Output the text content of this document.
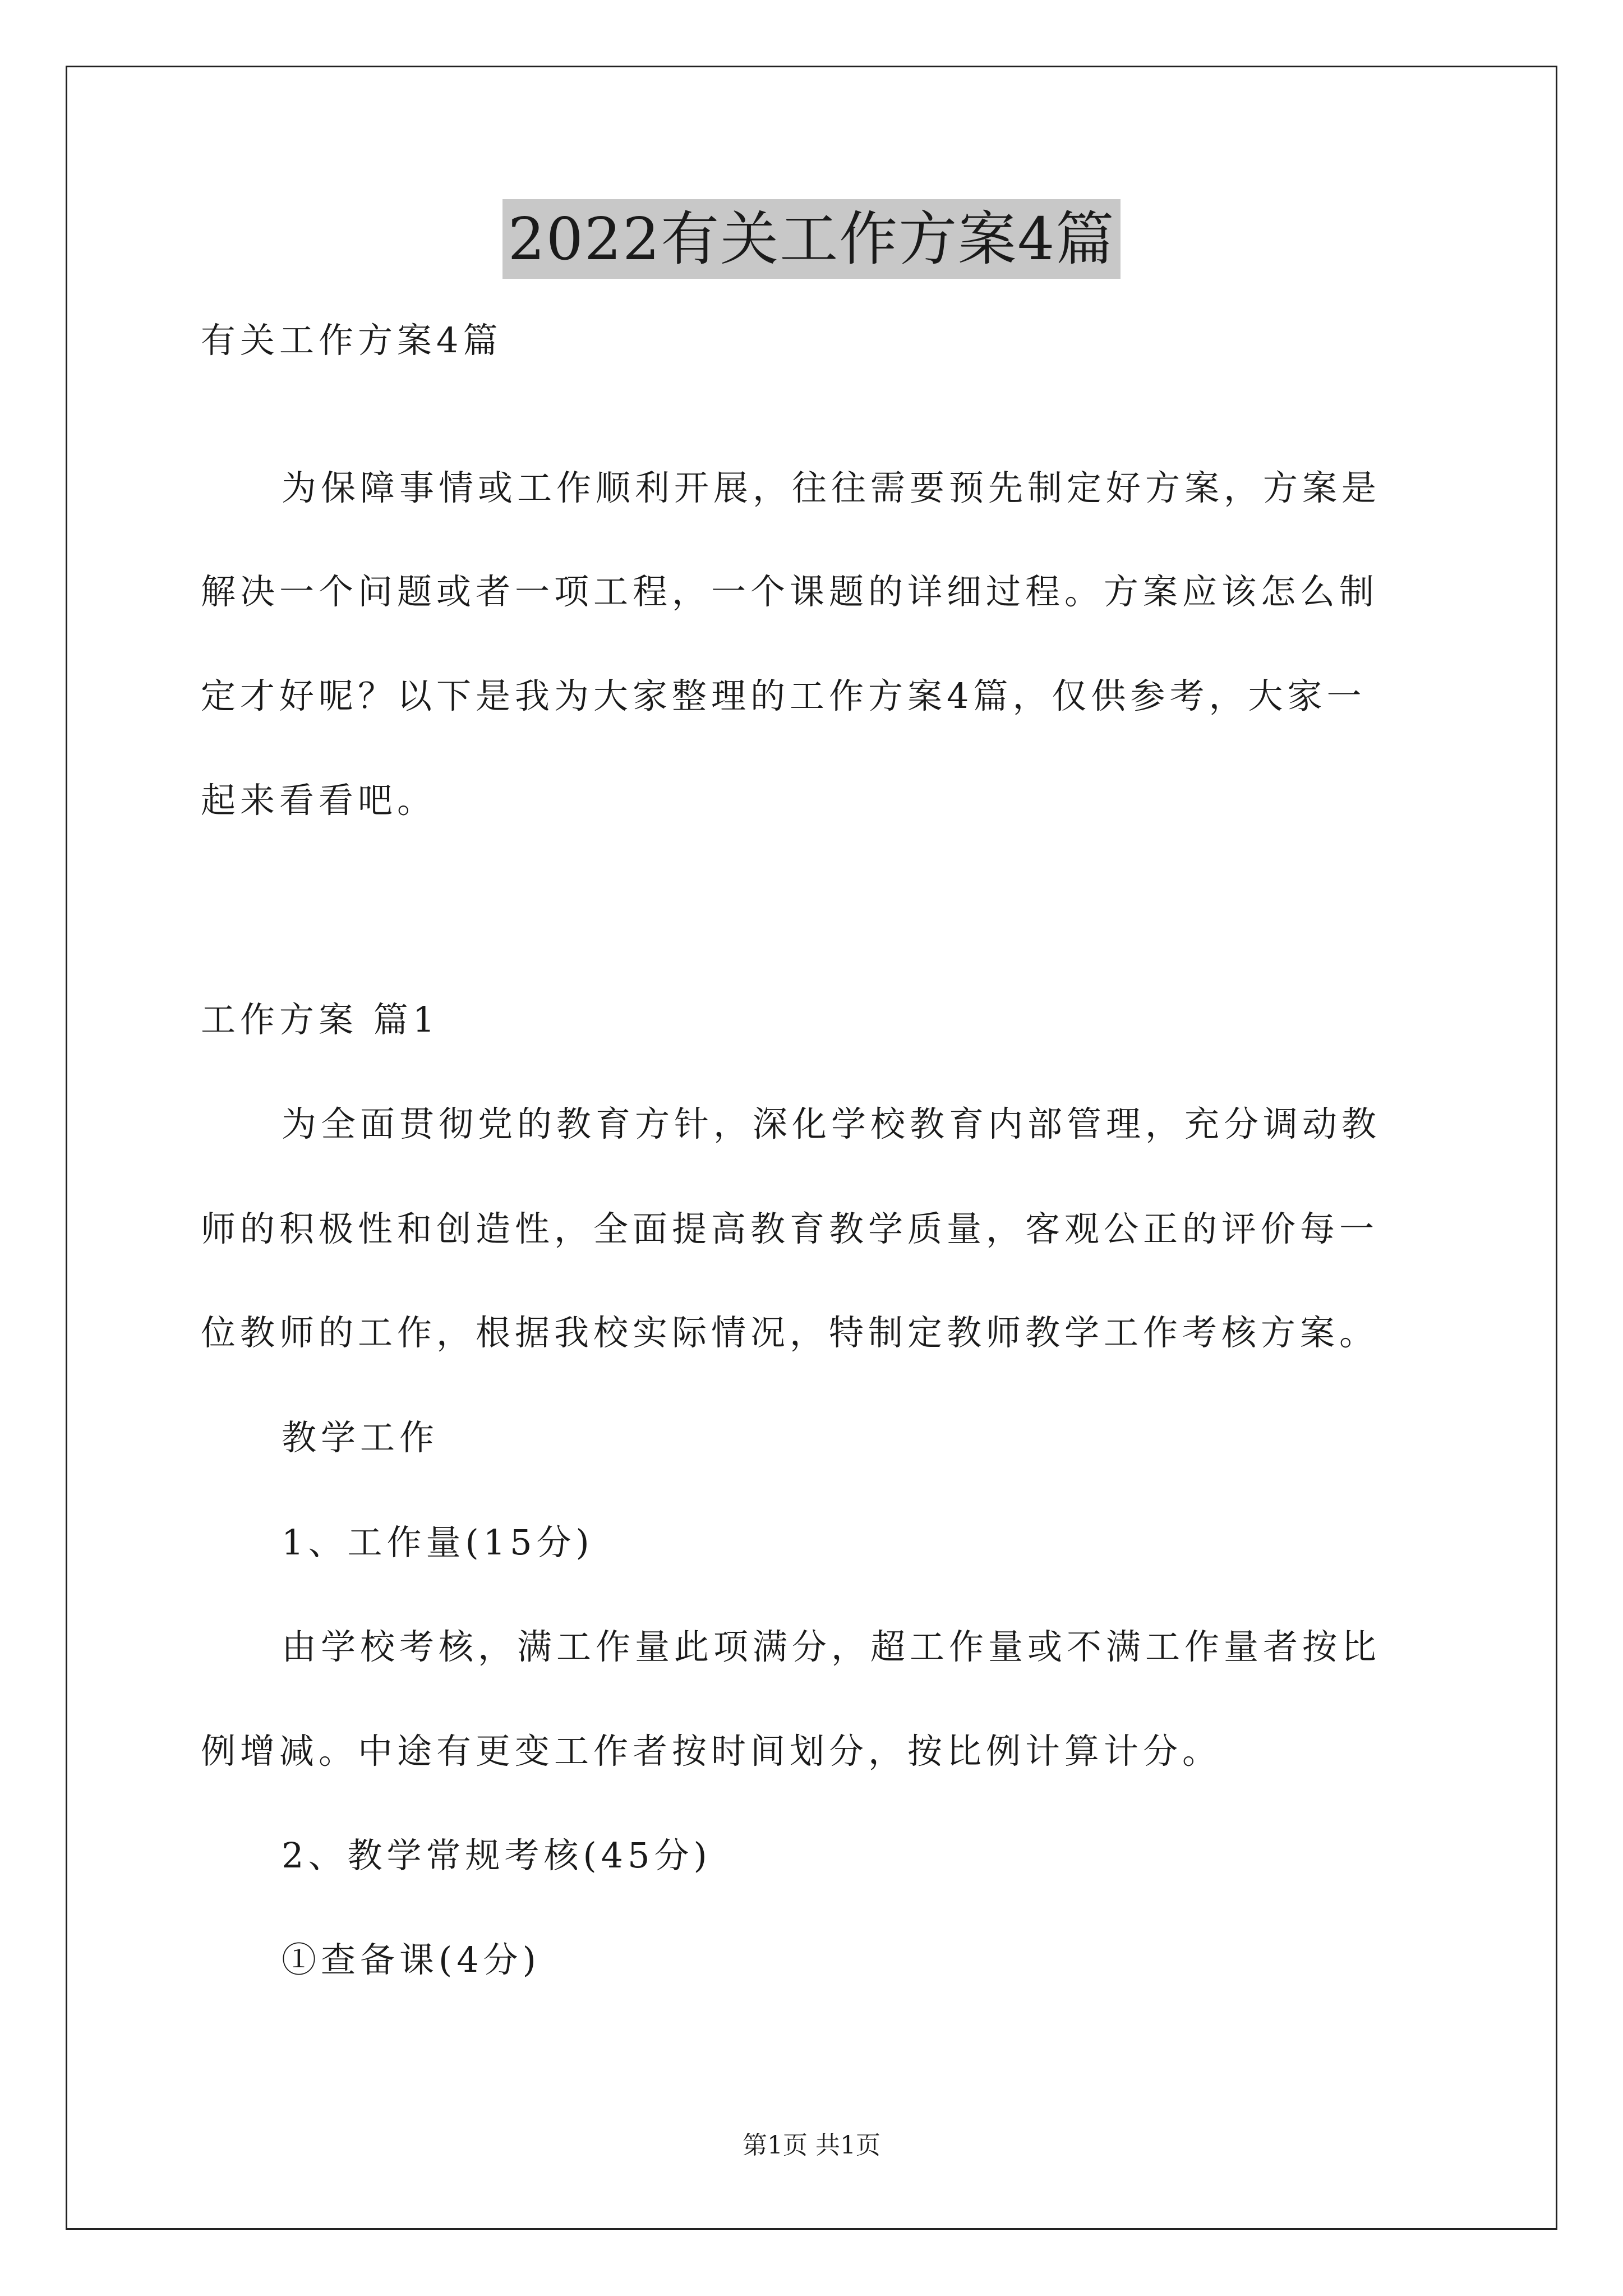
2022有关工作方案4篇
有关工作方案4篇
为保障事情或工作顺利开展，往往需要预先制定好方案，方案是
解决一个问题或者一项工程，一个课题的详细过程。方案应该怎么制
定才好呢？以下是我为大家整理的工作方案4篇，仅供参考，大家一
起来看看吧。
工作方案 篇1
为全面贯彻党的教育方针，深化学校教育内部管理，充分调动教
师的积极性和创造性，全面提高教育教学质量，客观公正的评价每一
位教师的工作，根据我校实际情况，特制定教师教学工作考核方案。
教学工作
1、工作量(15分)
由学校考核，满工作量此项满分，超工作量或不满工作量者按比
例增减。中途有更变工作者按时间划分，按比例计算计分。
2、教学常规考核(45分)
①查备课(4分)
第1页 共1页
